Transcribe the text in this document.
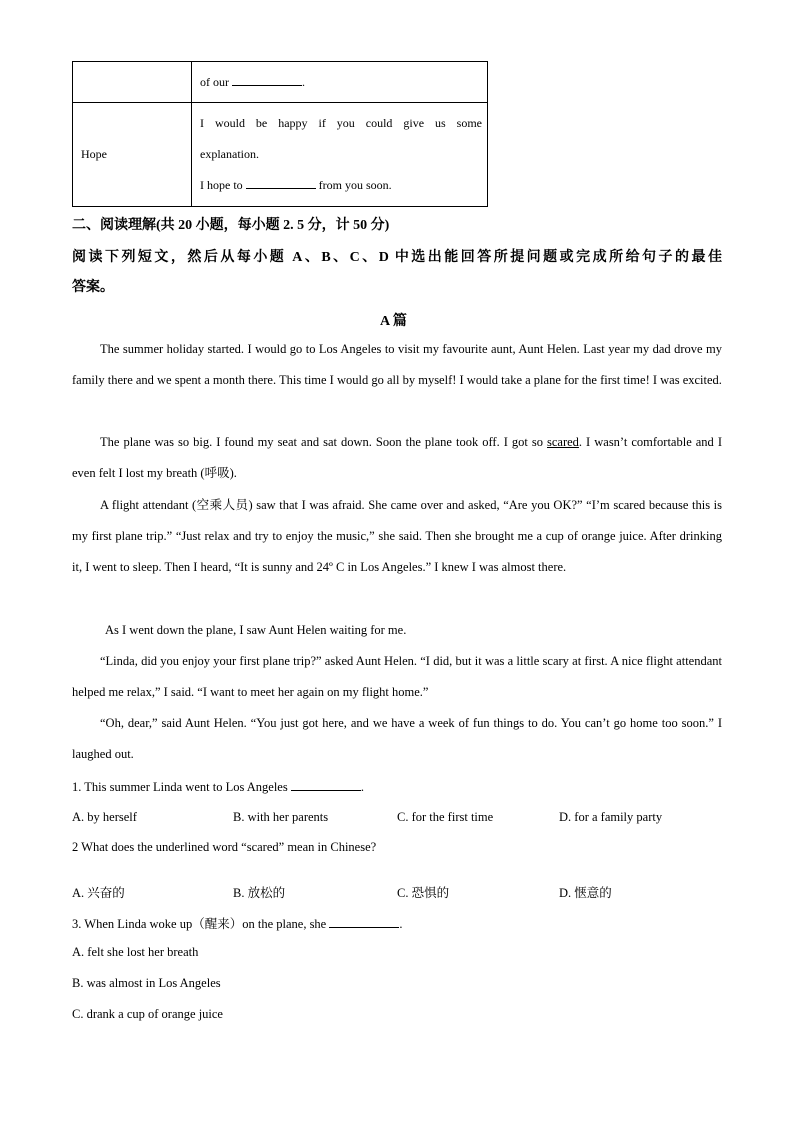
	of our .
Hope	I would be happy if you could give us some
explanation.
I hope to from you soon.
二、阅读理解(共 20 小题，每小题 2. 5 分，计 50 分)
阅读下列短文，然后从每小题 A、B、C、D 中选出能回答所提问题或完成所给句子的最佳
答案。
A 篇
The summer holiday started. I would go to Los Angeles to visit my favourite aunt, Aunt Helen. Last year my dad drove my family there and we spent a month there. This time I would go all by myself! I would take a plane for the first time! I was excited.
The plane was so big. I found my seat and sat down. Soon the plane took off. I got so scared. I wasn’t comfortable and I even felt I lost my breath (呼吸).
A flight attendant (空乘人员) saw that I was afraid. She came over and asked, “Are you OK?” “I’m scared because this is my first plane trip.” “Just relax and try to enjoy the music,” she said. Then she brought me a cup of orange juice. After drinking it, I went to sleep. Then I heard, “It is sunny and 24º C in Los Angeles.” I knew I was almost there.
As I went down the plane, I saw Aunt Helen waiting for me.
“Linda, did you enjoy your first plane trip?” asked Aunt Helen. “I did, but it was a little scary at first. A nice flight attendant helped me relax,” I said. “I want to meet her again on my flight home.”
“Oh, dear,” said Aunt Helen. “You just got here, and we have a week of fun things to do. You can’t go home too soon.” I laughed out.
1. This summer Linda went to Los Angeles	.
A. by herself	B. with her parents	C. for the first time	D. for a family party
2 What does the underlined word “scared” mean in Chinese?
A. 兴奋的	B. 放松的	C. 恐惧的	D. 惬意的
3. When Linda woke up（醒来）on the plane, she	.
A. felt she lost her breath
B. was almost in Los Angeles
C. drank a cup of orange juice
